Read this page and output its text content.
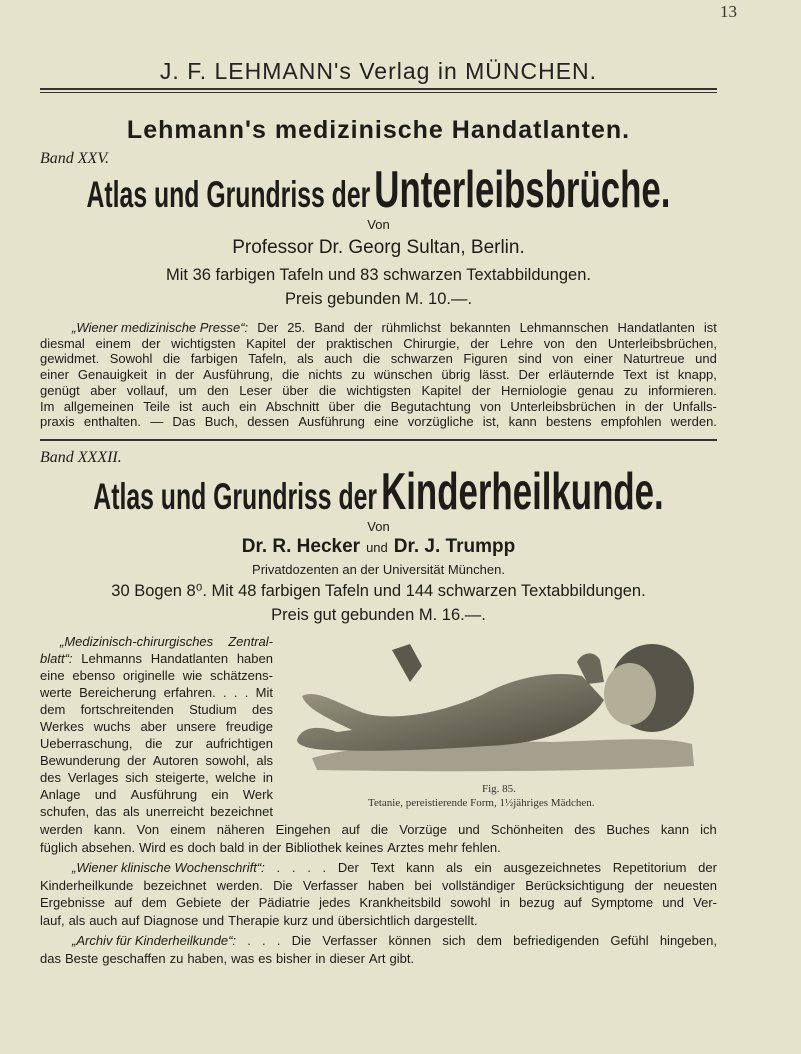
13
J. F. LEHMANN's Verlag in MÜNCHEN.
Lehmann's medizinische Handatlanten.
Band XXV.
Atlas und Grundriss der Unterleibsbrüche.
Von
Professor Dr. Georg Sultan, Berlin.
Mit 36 farbigen Tafeln und 83 schwarzen Textabbildungen.
Preis gebunden M. 10.—.
„Wiener medizinische Presse“: Der 25. Band der rühmlichst bekannten Lehmannschen Handatlanten ist
diesmal einem der wichtigsten Kapitel der praktischen Chirurgie, der Lehre von den Unterleibsbrüchen,
gewidmet. Sowohl die farbigen Tafeln, als auch die schwarzen Figuren sind von einer Naturtreue und
einer Genauigkeit in der Ausführung, die nichts zu wünschen übrig lässt. Der erläuternde Text ist knapp,
genügt aber vollauf, um den Leser über die wichtigsten Kapitel der Herniologie genau zu informieren.
Im allgemeinen Teile ist auch ein Abschnitt über die Begutachtung von Unterleibsbrüchen in der Unfalls-
praxis enthalten. — Das Buch, dessen Ausführung eine vorzügliche ist, kann bestens empfohlen werden.
Band XXXII.
Atlas und Grundriss der Kinderheilkunde.
Von
Dr. R. Hecker und Dr. J. Trumpp
Privatdozenten an der Universität München.
30 Bogen 8⁰. Mit 48 farbigen Tafeln und 144 schwarzen Textabbildungen.
Preis gut gebunden M. 16.—.
Fig. 85.
Tetanie, pereistierende Form, 1½jähriges Mädchen.
„Medizinisch-chirurgisches Zentral-
blatt“: Lehmanns Handatlanten haben
eine ebenso originelle wie schätzens-
werte Bereicherung erfahren. . . . Mit
dem fortschreitenden Studium des
Werkes wuchs aber unsere freudige
Ueberraschung, die zur aufrichtigen
Bewunderung der Autoren sowohl, als
des Verlages sich steigerte, welche in
Anlage und Ausführung ein Werk
schufen, das als unerreicht bezeichnet
werden kann. Von einem näheren Eingehen auf die Vorzüge und Schönheiten des Buches kann ich
füglich absehen. Wird es doch bald in der Bibliothek keines Arztes mehr fehlen.
„Wiener klinische Wochenschrift“: . . . . Der Text kann als ein ausgezeichnetes Repetitorium der
Kinderheilkunde bezeichnet werden. Die Verfasser haben bei vollständiger Berücksichtigung der neuesten
Ergebnisse auf dem Gebiete der Pädiatrie jedes Krankheitsbild sowohl in bezug auf Symptome und Ver-
lauf, als auch auf Diagnose und Therapie kurz und übersichtlich dargestellt.
„Archiv für Kinderheilkunde“: . . . Die Verfasser können sich dem befriedigenden Gefühl hingeben,
das Beste geschaffen zu haben, was es bisher in dieser Art gibt.
